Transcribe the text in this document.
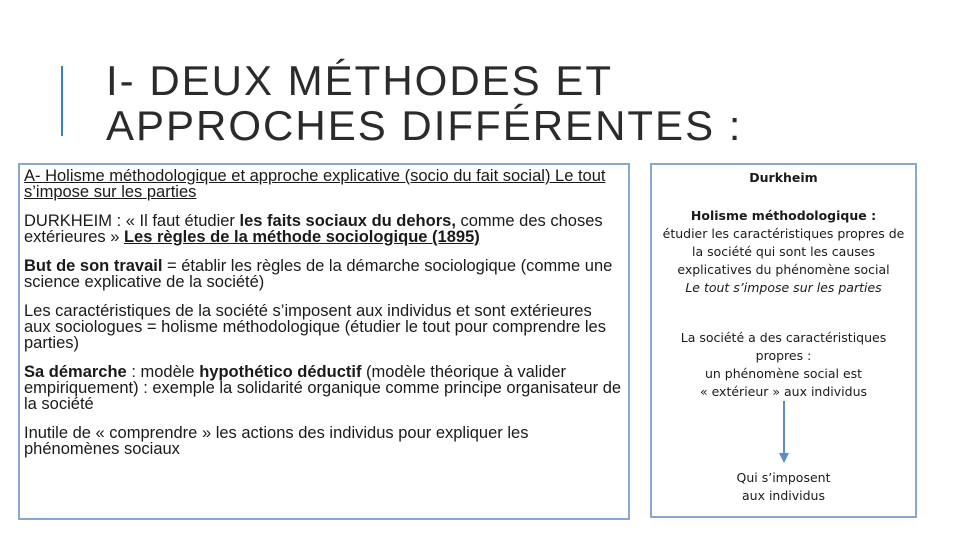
I- DEUX MÉTHODES ET
APPROCHES DIFFÉRENTES :

A- Holisme méthodologique et approche explicative (socio du fait social) Le tout s’impose sur les parties

DURKHEIM : « Il faut étudier les faits sociaux du dehors, comme des choses extérieures » Les règles de la méthode sociologique (1895)

But de son travail = établir les règles de la démarche sociologique (comme une science explicative de la société)

Les caractéristiques de la société s’imposent aux individus et sont extérieures aux sociologues = holisme méthodologique (étudier le tout pour comprendre les parties)

Sa démarche : modèle hypothético déductif (modèle théorique à valider empiriquement) : exemple la solidarité organique comme principe organisateur de la société

Inutile de « comprendre » les actions des individus pour expliquer les phénomènes sociaux

Durkheim
Holisme méthodologique :
étudier les caractéristiques propres de
la société qui sont les causes
explicatives du phénomène social
Le tout s’impose sur les parties
La société a des caractéristiques
propres :
un phénomène social est
« extérieur » aux individus
Qui s’imposent
aux individus
